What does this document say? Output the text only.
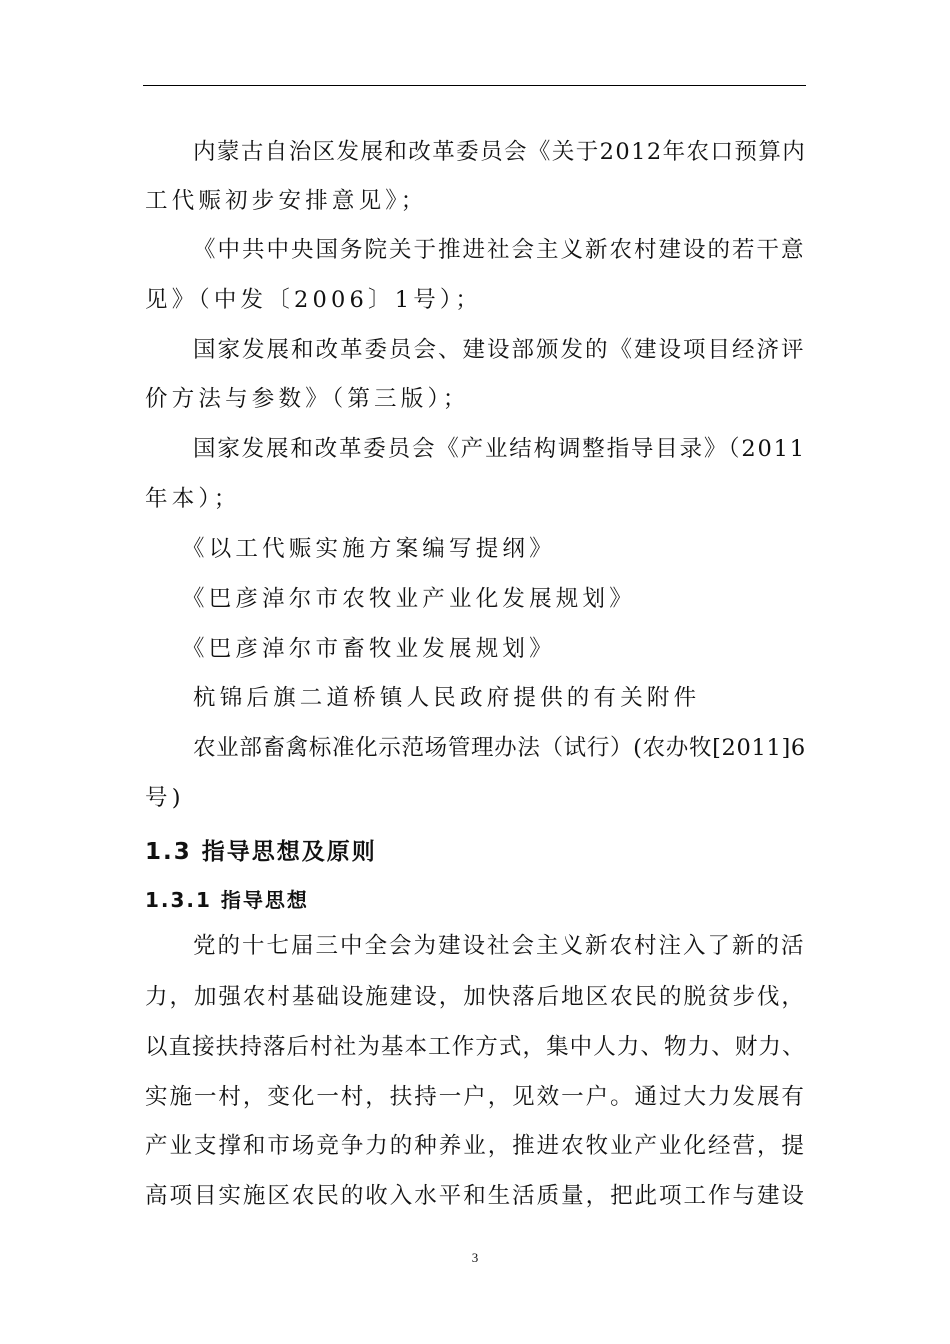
内蒙古自治区发展和改革委员会《关于2012年农口预算内
工代赈初步安排意见》；
《中共中央国务院关于推进社会主义新农村建设的若干意
见》（中发〔2006〕1号）；
国家发展和改革委员会、建设部颁发的《建设项目经济评
价方法与参数》（第三版）；
国家发展和改革委员会《产业结构调整指导目录》（2011
年本）；
《以工代赈实施方案编写提纲》
《巴彦淖尔市农牧业产业化发展规划》
《巴彦淖尔市畜牧业发展规划》
杭锦后旗二道桥镇人民政府提供的有关附件
农业部畜禽标准化示范场管理办法（试行）(农办牧[2011]6
号)
1.3 指导思想及原则
1.3.1 指导思想
党的十七届三中全会为建设社会主义新农村注入了新的活
力，加强农村基础设施建设，加快落后地区农民的脱贫步伐，
以直接扶持落后村社为基本工作方式，集中人力、物力、财力、
实施一村，变化一村，扶持一户，见效一户。通过大力发展有
产业支撑和市场竞争力的种养业，推进农牧业产业化经营，提
高项目实施区农民的收入水平和生活质量，把此项工作与建设
3
